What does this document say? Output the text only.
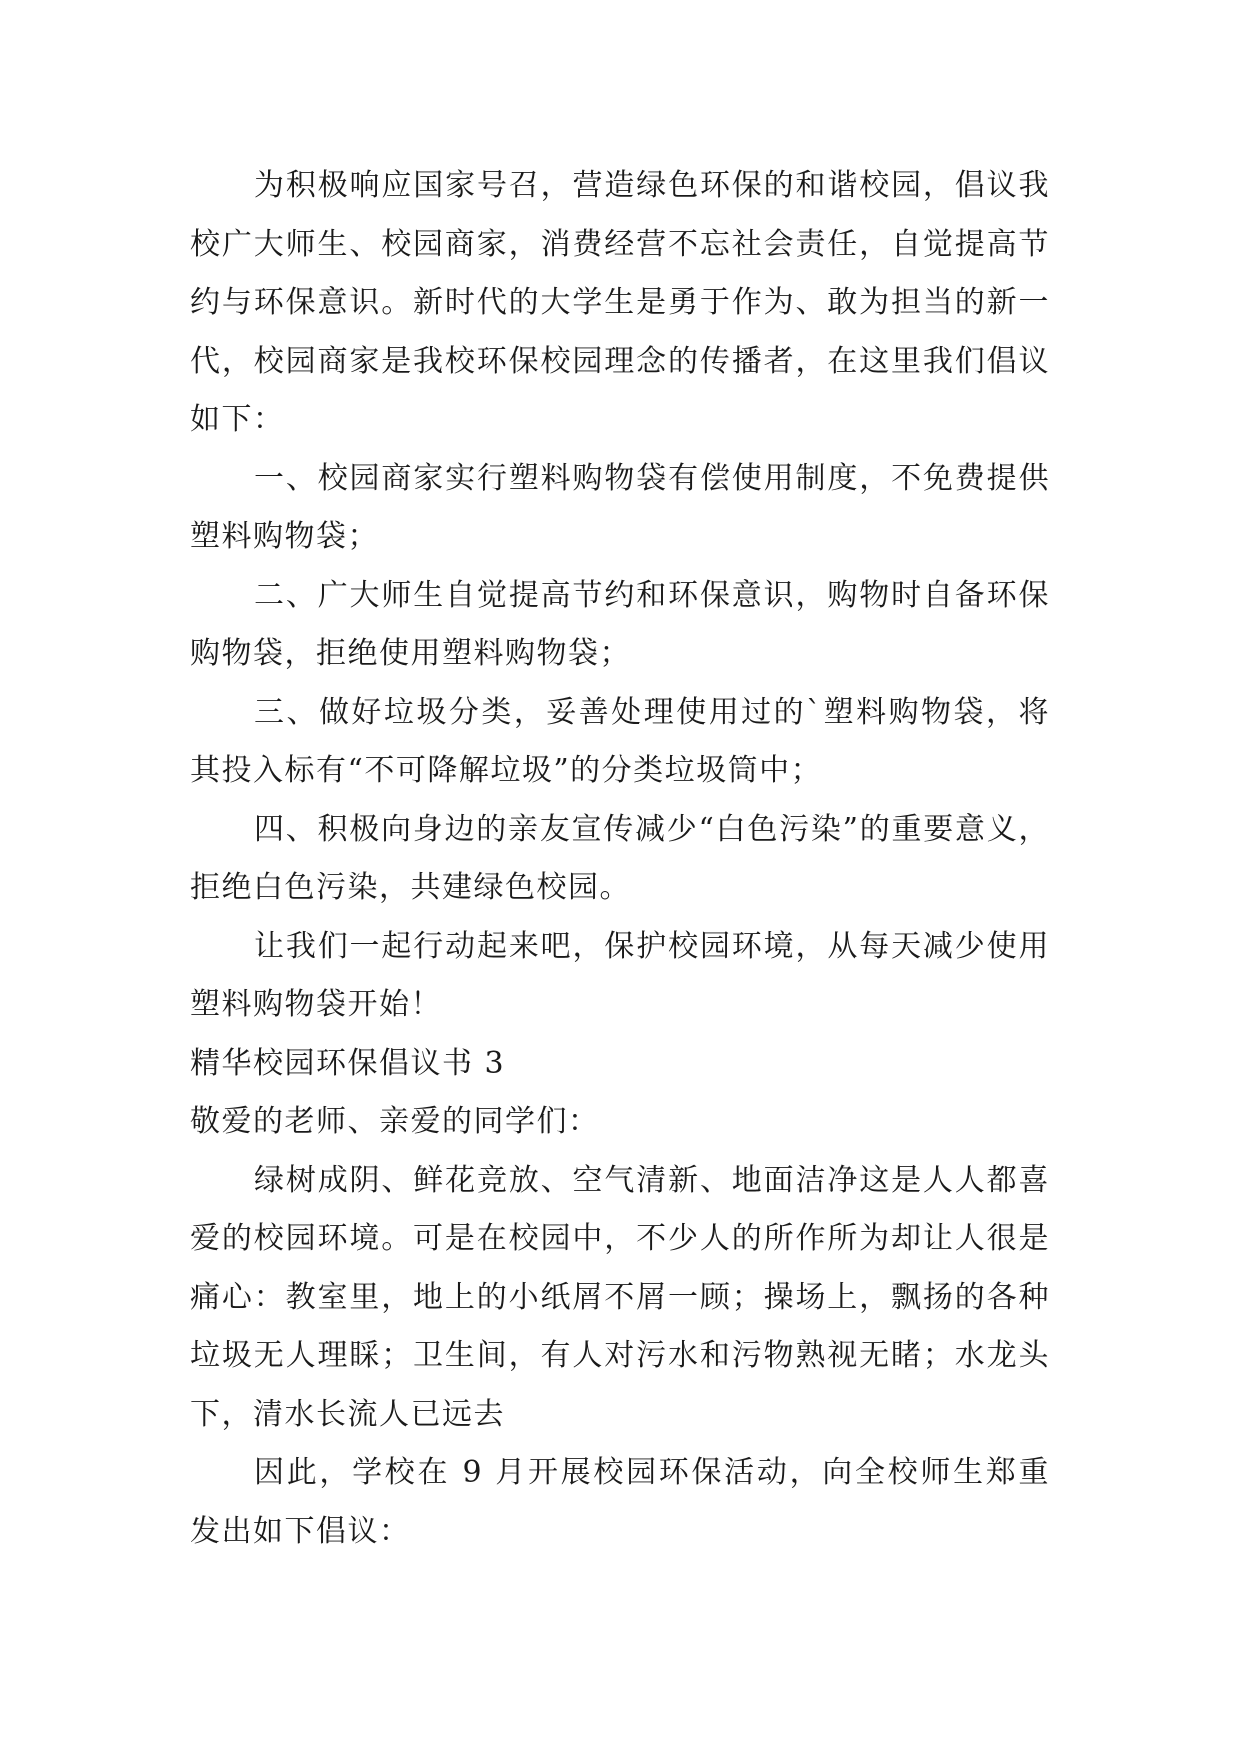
为积极响应国家号召，营造绿色环保的和谐校园，倡议我校广大师生、校园商家，消费经营不忘社会责任，自觉提高节约与环保意识。新时代的大学生是勇于作为、敢为担当的新一代，校园商家是我校环保校园理念的传播者，在这里我们倡议如下：

一、校园商家实行塑料购物袋有偿使用制度，不免费提供塑料购物袋；

二、广大师生自觉提高节约和环保意识，购物时自备环保购物袋，拒绝使用塑料购物袋；

三、做好垃圾分类，妥善处理使用过的`塑料购物袋，将其投入标有“不可降解垃圾”的分类垃圾筒中；

四、积极向身边的亲友宣传减少“白色污染”的重要意义，拒绝白色污染，共建绿色校园。

让我们一起行动起来吧，保护校园环境，从每天减少使用塑料购物袋开始！

精华校园环保倡议书 3

敬爱的老师、亲爱的同学们：

绿树成阴、鲜花竞放、空气清新、地面洁净这是人人都喜爱的校园环境。可是在校园中，不少人的所作所为却让人很是痛心：教室里，地上的小纸屑不屑一顾；操场上，飘扬的各种垃圾无人理睬；卫生间，有人对污水和污物熟视无睹；水龙头下，清水长流人已远去

因此，学校在 9 月开展校园环保活动，向全校师生郑重发出如下倡议：
